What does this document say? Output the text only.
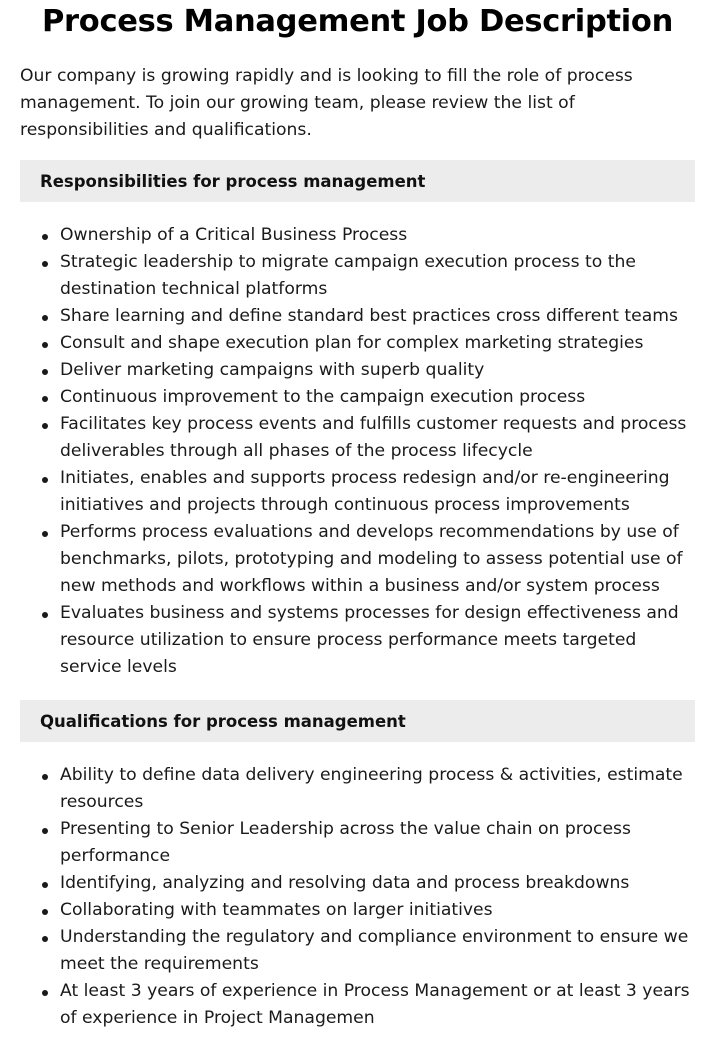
Process Management Job Description

Our company is growing rapidly and is looking to fill the role of process management. To join our growing team, please review the list of responsibilities and qualifications.

Responsibilities for process management
Ownership of a Critical Business Process
Strategic leadership to migrate campaign execution process to the destination technical platforms
Share learning and define standard best practices cross different teams
Consult and shape execution plan for complex marketing strategies
Deliver marketing campaigns with superb quality
Continuous improvement to the campaign execution process
Facilitates key process events and fulfills customer requests and process deliverables through all phases of the process lifecycle
Initiates, enables and supports process redesign and/or re-engineering initiatives and projects through continuous process improvements
Performs process evaluations and develops recommendations by use of benchmarks, pilots, prototyping and modeling to assess potential use of new methods and workflows within a business and/or system process
Evaluates business and systems processes for design effectiveness and resource utilization to ensure process performance meets targeted service levels
Qualifications for process management
Ability to define data delivery engineering process & activities, estimate resources
Presenting to Senior Leadership across the value chain on process performance
Identifying, analyzing and resolving data and process breakdowns
Collaborating with teammates on larger initiatives
Understanding the regulatory and compliance environment to ensure we meet the requirements
At least 3 years of experience in Process Management or at least 3 years of experience in Project Managemen
